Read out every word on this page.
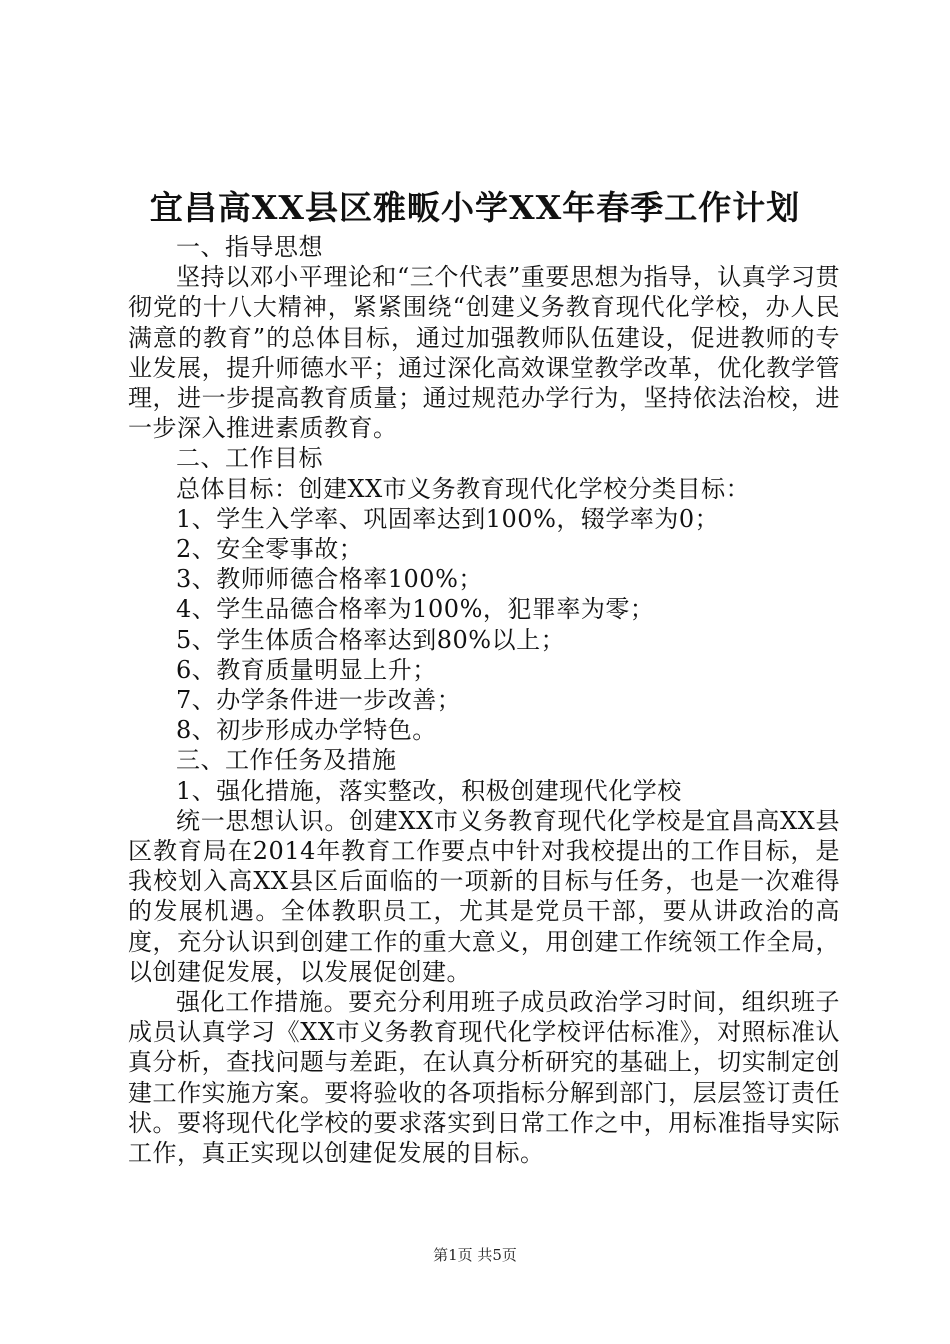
宜昌高XX县区雅畈小学XX年春季工作计划

一、指导思想

坚持以邓小平理论和“三个代表”重要思想为指导，认真学习贯彻党的十八大精神，紧紧围绕“创建义务教育现代化学校，办人民满意的教育”的总体目标，通过加强教师队伍建设，促进教师的专业发展，提升师德水平；通过深化高效课堂教学改革，优化教学管理，进一步提高教育质量；通过规范办学行为，坚持依法治校，进一步深入推进素质教育。

二、工作目标

总体目标：创建XX市义务教育现代化学校分类目标：

1、学生入学率、巩固率达到100%，辍学率为0；

2、安全零事故；

3、教师师德合格率100%；

4、学生品德合格率为100%，犯罪率为零；

5、学生体质合格率达到80%以上；

6、教育质量明显上升；

7、办学条件进一步改善；

8、初步形成办学特色。

三、工作任务及措施

1、强化措施，落实整改，积极创建现代化学校

统一思想认识。创建XX市义务教育现代化学校是宜昌高XX县区教育局在2014年教育工作要点中针对我校提出的工作目标，是我校划入高XX县区后面临的一项新的目标与任务，也是一次难得的发展机遇。全体教职员工，尤其是党员干部，要从讲政治的高度，充分认识到创建工作的重大意义，用创建工作统领工作全局，以创建促发展，以发展促创建。

强化工作措施。要充分利用班子成员政治学习时间，组织班子成员认真学习《XX市义务教育现代化学校评估标准》，对照标准认真分析，查找问题与差距，在认真分析研究的基础上，切实制定创建工作实施方案。要将验收的各项指标分解到部门，层层签订责任状。要将现代化学校的要求落实到日常工作之中，用标准指导实际工作，真正实现以创建促发展的目标。

第1页 共5页
